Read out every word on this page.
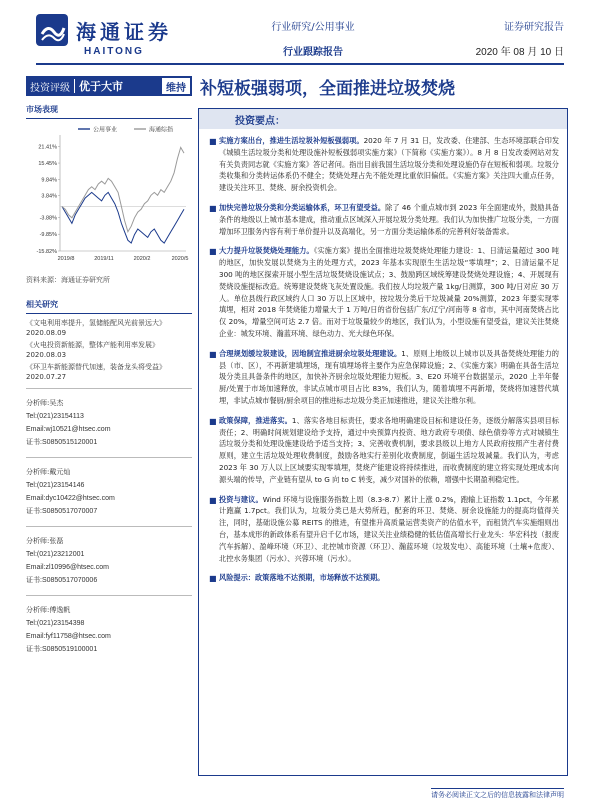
海通证券
HAITONG
行业研究/公用事业
行业跟踪报告
证券研究报告
2020 年 08 月 10 日
投资评级 优于大市	维持 补短板强弱项，全面推进垃圾焚烧
市场表现
公用事业	海通综指
21.41%
15.45%
9.84%
3.84%
-3.88%
-9.85%
-15.82%
2019/8	2019/11	2020/2	2020/5
资料来源：海通证券研究所
相关研究
《文电利用率提升，氢储能配风光前景远大》2020.08.09
《火电投资新能源，整体产能利用率发展》2020.08.03
《环卫车新能源替代加速，装备龙头将受益》2020.07.27
分析师:吴杰
Tel:(021)23154113
Email:wj10521@htsec.com
证书:S0850515120001
分析师:戴元灿
Tel:(021)23154146
Email:dyc10422@htsec.com
证书:S0850517070007
分析师:张磊
Tel:(021)23212001
Email:zl10996@htsec.com
证书:S0850517070006
分析师:傅逸帆
Tel:(021)23154398
Email:fyf11758@htsec.com
证书:S0850519100001
投资要点：
■ 实施方案出台，推进生活垃圾补短板强弱项。2020 年 7 月 31 日，发改委、住建部、生态环境部联合印发《城镇生活垃圾分类和处理设施补短板强弱项实施方案》（下简称《实施方案》）。8 月 8 日发改委网站对发有关负责同志就《实施方案》答记者问。指出目前我国生活垃圾分类和处理设施仍存在短板和弱项。垃圾分类收集和分类转运体系仍不健全；焚烧处理占先不能处理比重依旧偏低。《实施方案》关注四大重点任务，建设关注环卫、焚烧、厨余投资机会。
■ 加快完善垃圾分类和分类运输体系，环卫有望受益。除了 46 个重点城市到 2023 年全面建成外，鼓励具备条件的地级以上城市基本建成，推动重点区域深入开展垃圾分类处理。我们认为加快推广垃圾分类，一方面增加环卫服务内容有利于单价提升以及高端化，另一方面分类运输体系的完善利好装备需求。
■ 大力提升垃圾焚烧处理能力。《实施方案》提出全面推进垃圾焚烧处理能力建设：1、日清运量超过 300 吨的地区，加快发展以焚烧为主的处理方式，2023 年基本实现原生生活垃圾“零填埋”；2、日清运量不足 300 吨的地区探索开展小型生活垃圾焚烧设施试点；3、鼓励跨区域统筹建设焚烧处理设施；4、开展现有焚烧设施提标改造。统筹建设焚烧飞灰处置设施。我们按人均垃圾产量 1kg/日测算，300 吨/日对应 30 万人。单位县级行政区域约人口 30 万以上区域中，按垃圾分类后干垃圾减量 20%测算，2023 年要实现零填埋，相对 2018 年焚烧能力增量大于 1 万吨/日的省份包括广东/辽宁/河南等 8 省市，其中河南焚烧占比仅 20%，增量空间可达 2.7 倍。而对于垃圾量较少的地区，我们认为，小型设施有望受益，建议关注焚烧企业：城发环境、瀚蓝环境、绿色动力、光大绿色环保。
■ 合理规划缓垃圾建设，因地制宜推进厨余垃圾处理建设。1、原则上地级以上城市以及具备焚烧处理能力的县（市、区），不再新建填埋场，现有填埋场将主要作为应急保障设施；2、《实施方案》明确在具备生活垃圾分类且具备条件的地区，加快补齐厨余垃圾处理能力短板。3、E20 环境平台数据显示，2020 上半年餐厨/处置于市场加速释放，非试点城市项目占比 83%，我们认为，随着填埋不再新增，焚烧将加速替代填埋，非试点城市餐厨/厨余项目的推进标志垃圾分类正加速推进，建议关注维尔利。
■ 政策保障，推进落实。1、落实各地目标责任，要求各地明确建设目标和建设任务，逐级分解落实县项目标责任；2、明确时间规划建设给予支持，通过中央预算内投资、地方政府专项债、绿色债券等方式对城镇生活垃圾分类和处理设施建设给予适当支持；3、完善收费机制，要求县级以上地方人民政府按照产生者付费原则，建立生活垃圾处理收费制度，鼓励各地实行差别化收费制度，倒逼生活垃圾减量。我们认为，考虑 2023 年 30 万人以上区域要实现零填埋，焚烧产能建设将持续推进，而收费制度的建立将实现处理成本向源头端的传导，产业链有望从 to G 向 to C 转变，减少对国补的依赖，增强中长期盈利稳定性。
■ 投资与建议。Wind 环境与设施服务指数上周（8.3-8.7）累计上涨 0.2%，跑输上证指数 1.1pct，今年累计跑赢 1.7pct。我们认为，垃圾分类已是大势所趋，配套的环卫、焚烧、厨余设施能力的提高均值得关注，同时，基础设施公募 REITS 的推进，有望推升高质量运营类资产的估值水平，而租赁汽车实施细则出台，基本成形的新政体系有望升启千亿市场，建议关注业绩稳健的低估值高增长行业龙头：华宏科技（报废汽车拆解）、盈峰环境（环卫）、北控城市资源（环卫）、瀚蓝环境（垃圾发电）、高能环境（土壤+危废）、北控水务集团（污水）、兴蓉环境（污水）。
■ 风险提示：政策落地不达预期，市场释放不达预期。
请务必阅读正文之后的信息披露和法律声明
